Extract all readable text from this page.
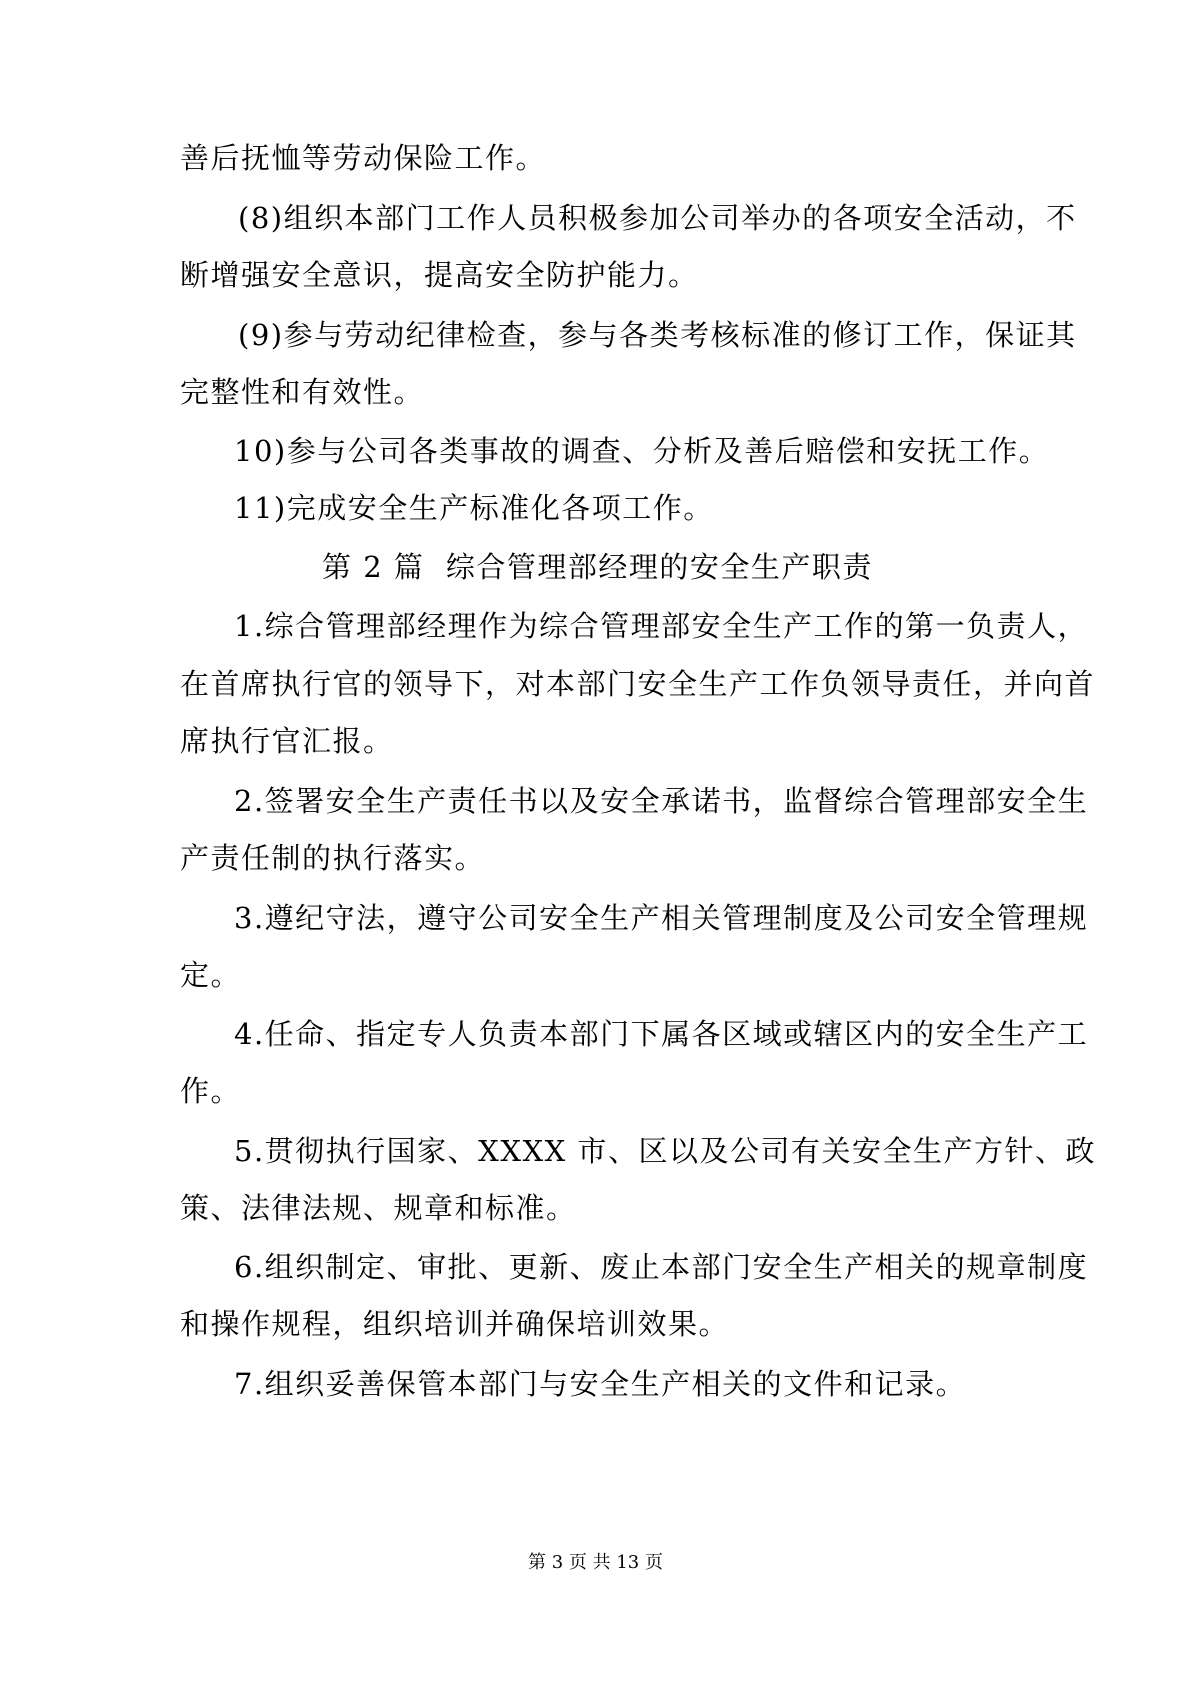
善后抚恤等劳动保险工作。
(8)组织本部门工作人员积极参加公司举办的各项安全活动，不
断增强安全意识，提高安全防护能力。
(9)参与劳动纪律检查，参与各类考核标准的修订工作，保证其
完整性和有效性。
10)参与公司各类事故的调查、分析及善后赔偿和安抚工作。
11)完成安全生产标准化各项工作。
第 2 篇  综合管理部经理的安全生产职责
1.综合管理部经理作为综合管理部安全生产工作的第一负责人，
在首席执行官的领导下，对本部门安全生产工作负领导责任，并向首
席执行官汇报。
2.签署安全生产责任书以及安全承诺书，监督综合管理部安全生
产责任制的执行落实。
3.遵纪守法，遵守公司安全生产相关管理制度及公司安全管理规
定。
4.任命、指定专人负责本部门下属各区域或辖区内的安全生产工
作。
5.贯彻执行国家、XXXX 市、区以及公司有关安全生产方针、政
策、法律法规、规章和标准。
6.组织制定、审批、更新、废止本部门安全生产相关的规章制度
和操作规程，组织培训并确保培训效果。
7.组织妥善保管本部门与安全生产相关的文件和记录。
第 3 页 共 13 页
